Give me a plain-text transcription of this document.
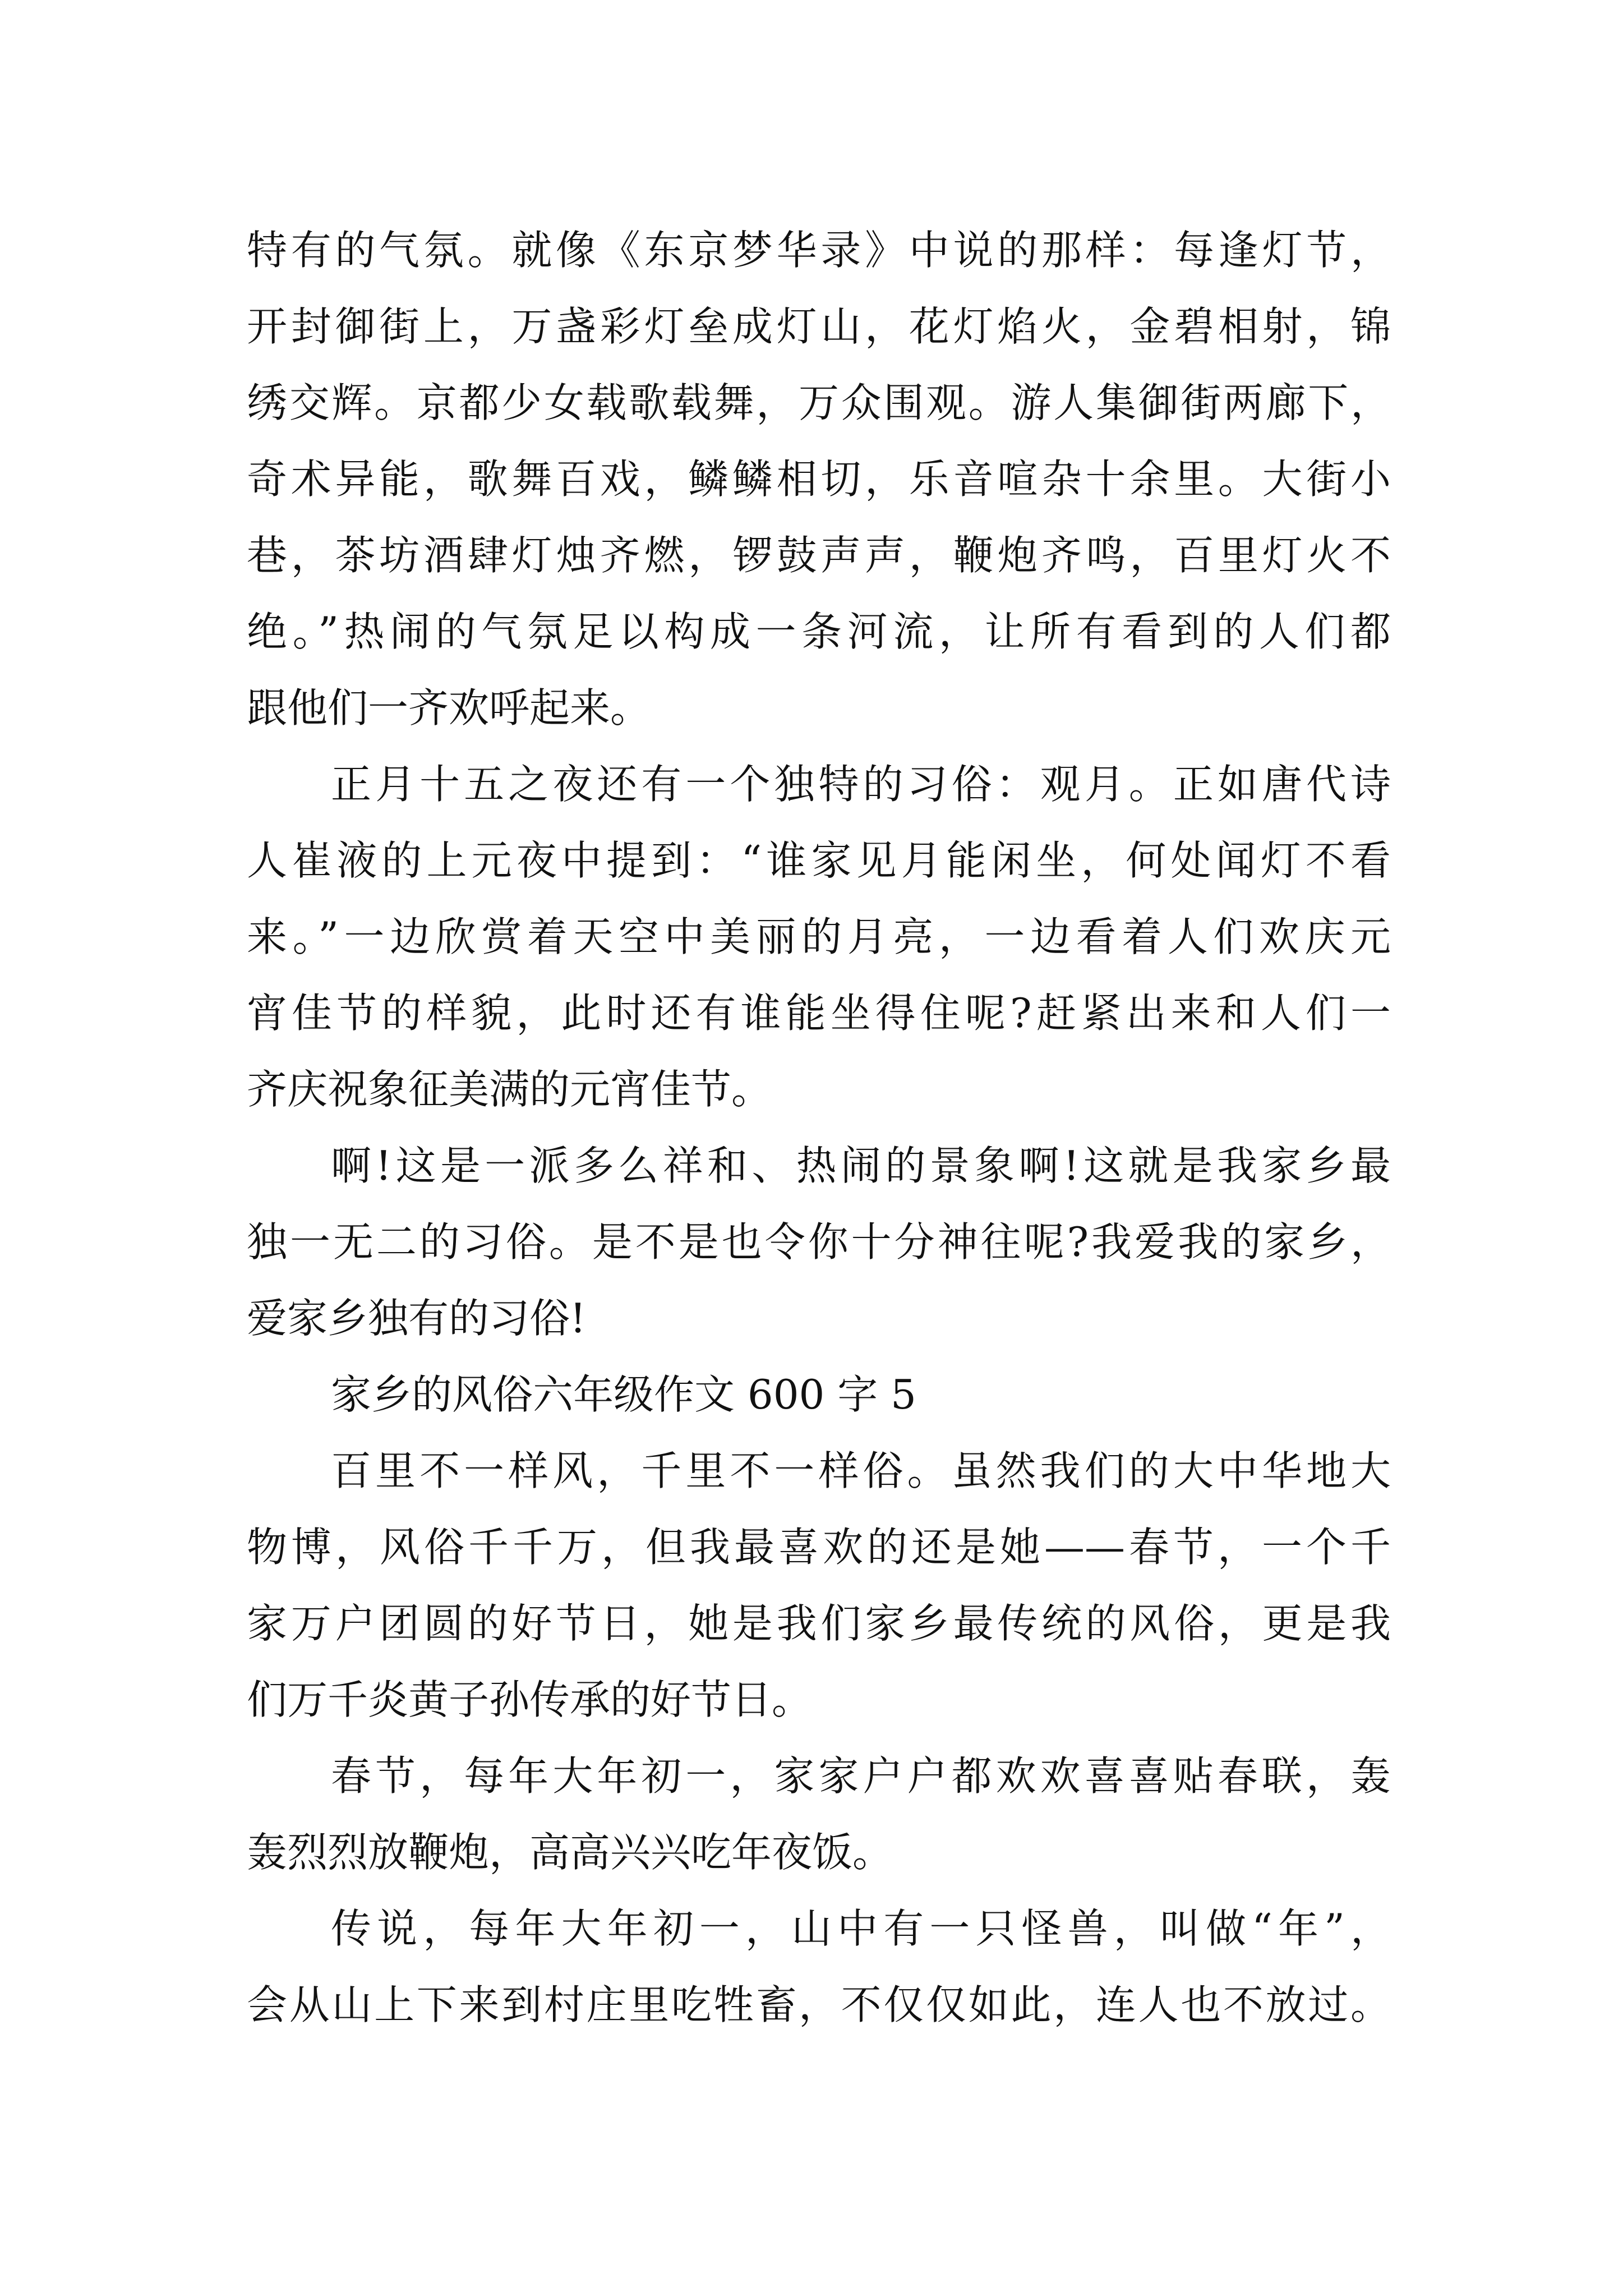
特有的气氛。就像《东京梦华录》中说的那样：每逢灯节，
开封御街上，万盏彩灯垒成灯山，花灯焰火，金碧相射，锦
绣交辉。京都少女载歌载舞，万众围观。游人集御街两廊下，
奇术异能，歌舞百戏，鳞鳞相切，乐音喧杂十余里。大街小
巷，茶坊酒肆灯烛齐燃，锣鼓声声，鞭炮齐鸣，百里灯火不
绝。”热闹的气氛足以构成一条河流，让所有看到的人们都
跟他们一齐欢呼起来。
正月十五之夜还有一个独特的习俗：观月。正如唐代诗
人崔液的上元夜中提到：“谁家见月能闲坐，何处闻灯不看
来。”一边欣赏着天空中美丽的月亮，一边看着人们欢庆元
宵佳节的样貌，此时还有谁能坐得住呢?赶紧出来和人们一
齐庆祝象征美满的元宵佳节。
啊!这是一派多么祥和、热闹的景象啊!这就是我家乡最
独一无二的习俗。是不是也令你十分神往呢?我爱我的家乡，
爱家乡独有的习俗!
家乡的风俗六年级作文 600 字 5
百里不一样风，千里不一样俗。虽然我们的大中华地大
物博，风俗千千万，但我最喜欢的还是她——春节，一个千
家万户团圆的好节日，她是我们家乡最传统的风俗，更是我
们万千炎黄子孙传承的好节日。
春节，每年大年初一，家家户户都欢欢喜喜贴春联，轰
轰烈烈放鞭炮，高高兴兴吃年夜饭。
传说，每年大年初一，山中有一只怪兽，叫做“年”，
会从山上下来到村庄里吃牲畜，不仅仅如此，连人也不放过。
